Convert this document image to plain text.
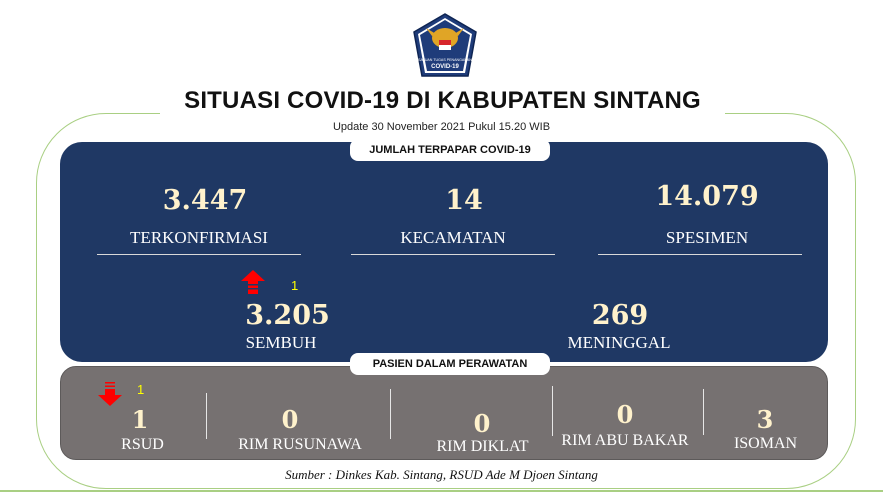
SATUAN TUGAS PENANGANAN
COVID-19
SITUASI COVID-19 DI KABUPATEN SINTANG
Update 30 November 2021 Pukul 15.20 WIB
JUMLAH TERPAPAR COVID-19
3.447
TERKONFIRMASI
14
KECAMATAN
14.079
SPESIMEN
1
3.205
SEMBUH
269
MENINGGAL
PASIEN DALAM PERAWATAN
1
1
RSUD
0
RIM RUSUNAWA
0
RIM DIKLAT
0
RIM ABU BAKAR
3
ISOMAN
Sumber : Dinkes Kab. Sintang, RSUD Ade M Djoen Sintang
